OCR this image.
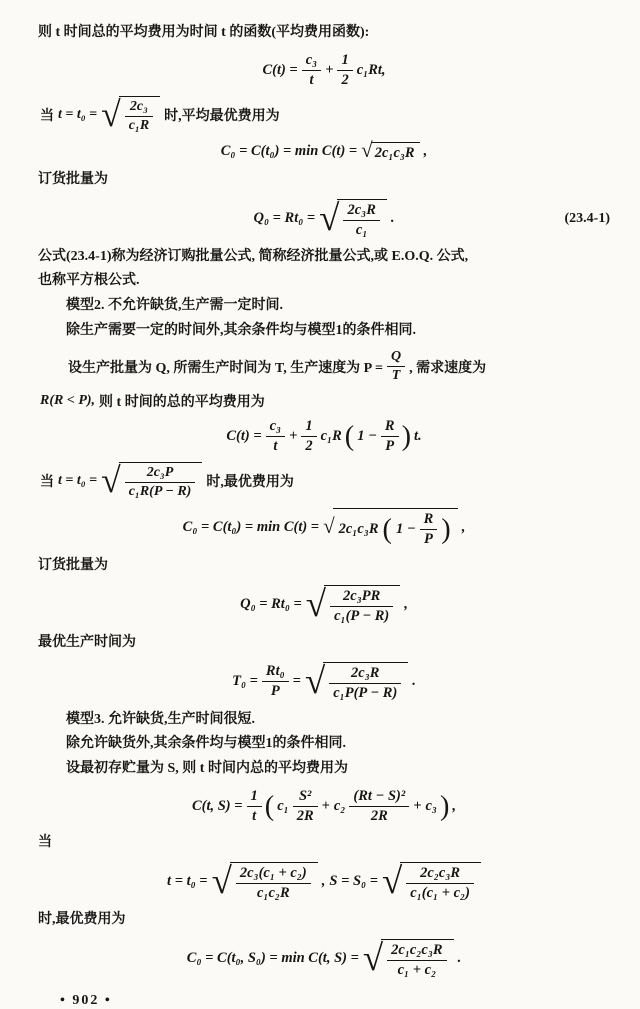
则 t 时间总的平均费用为时间 t 的函数(平均费用函数):
$C(t) = \frac{\text{c₃}}{t} + \frac{1}{2} c_1Rt$,
当 t = t₀ = √ $\frac{\text{2c₃}}{\text{c₁R}}$ 时,平均最优费用为
C₀ = C(t₀) = min C(t) = √ 2c₁c₃R ,
订货批量为
Q₀ = Rt₀ = √ $\frac{\text{2c₃R}}{\text{c₁}}$ .	(23.4-1)
公式(23.4-1)称为经济订购批量公式, 简称经济批量公式,或 E.O.Q. 公式,
也称平方根公式.
模型2. 不允许缺货,生产需一定时间.
除生产需要一定的时间外,其余条件均与模型1的条件相同.
设生产批量为 Q, 所需生产时间为 T, 生产速度为 $P = \frac{Q}{T}$ , 需求速度为
R(R < P), 则 t 时间的总的平均费用为
$C(t) = \frac{\text{c₃}}{t} + \frac{1}{2} c_1R$ ( $1 - \frac{R}{P}$ ) t.
当 t = t₀ = √ $\frac{\text{2c₃P}}{\text{c₁R(P − R)}}$ 时,最优费用为
C₀ = C(t₀) = min C(t) = √ 2c₁c₃R ( $1 - \frac{R}{P}$ ) ,
订货批量为
Q₀ = Rt₀ = √ $\frac{\text{2c₃PR}}{\text{c₁(P − R)}}$ ,
最优生产时间为
$T_0 = \frac{\text{Rt₀}}{P}$ = √ $\frac{\text{2c₃R}}{\text{c₁P(P − R)}}$ .
模型3. 允许缺货,生产时间很短.
除允许缺货外,其余条件均与模型1的条件相同.
设最初存贮量为 S, 则 t 时间内总的平均费用为
C(t, $S) = \frac{1}{t}$ ( $c_1 \frac{\text{S²}}{2R} + c_2 \frac{\text{(Rt − S)²}}{2R} + c_3$ ) ,
当
t = t₀ = √ $\frac{\text{2c₃(c₁ + c₂)}}{\text{c₁c₂R}}$ , S = S₀ = √ $\frac{\text{2c₂c₃R}}{\text{c₁(c₁ + c₂)}}$
时,最优费用为
C₀ = C(t₀, S₀) = min C(t, S) = √ $\frac{\text{2c₁c₂c₃R}}{\text{c₁ + c₂}}$ .
• 902 •
